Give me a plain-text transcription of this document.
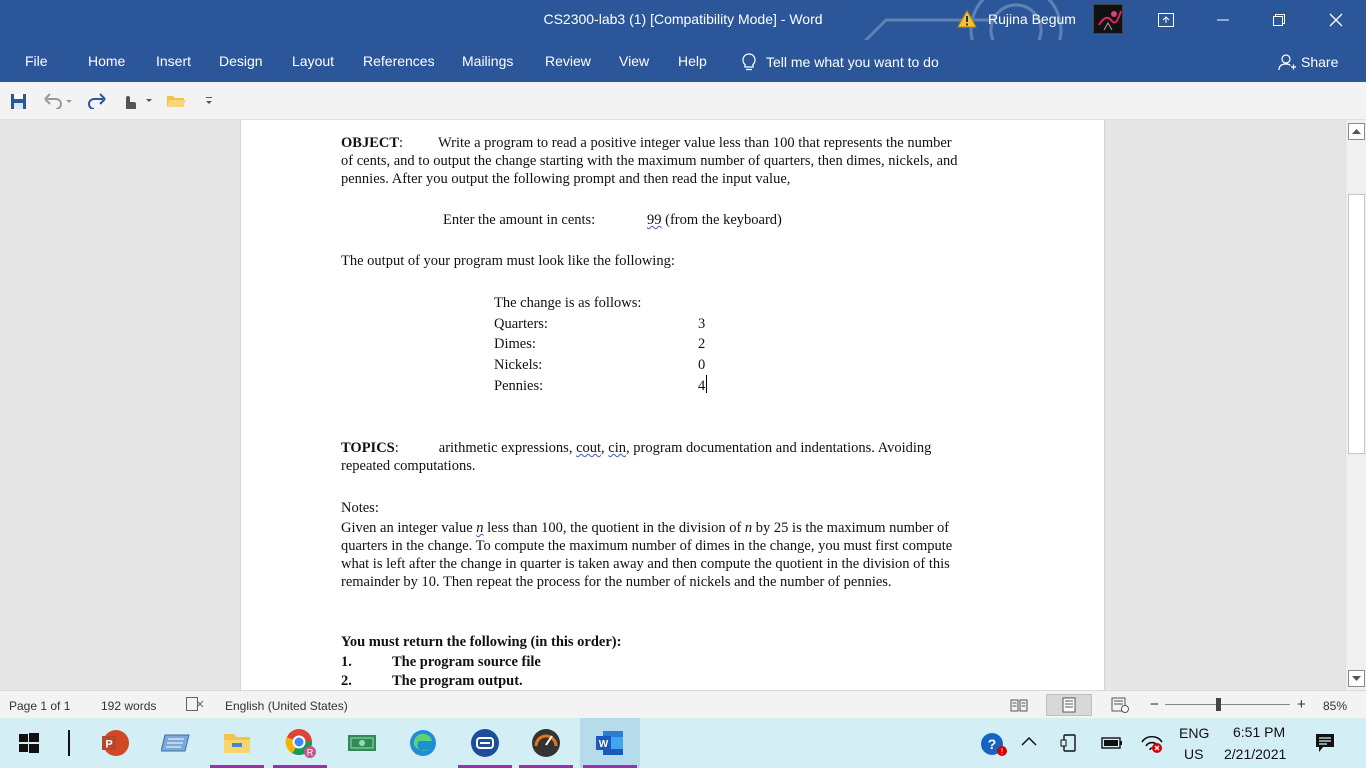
CS2300-lab3 (1) [Compatibility Mode] - Word	Rujina Begum
File	Home Insert Design Layout References Mailings Review View Help	Tell me what you want to do	Share
OBJECT: Write a program to read a positive integer value less than 100 that represents the number
of cents, and to output the change starting with the maximum number of quarters, then dimes, nickels, and
pennies. After you output the following prompt and then read the input value,
Enter the amount in cents:	99 (from the keyboard)
The output of your program must look like the following:
The change is as follows:
Quarters:	3
Dimes:	2
Nickels:	0
Pennies:	4
TOPICS:	arithmetic expressions, cout, cin, program documentation and indentations. Avoiding
repeated computations.
Notes:
Given an integer value n less than 100, the quotient in the division of n by 25 is the maximum number of
quarters in the change. To compute the maximum number of dimes in the change, you must first compute
what is left after the change in quarter is taken away and then compute the quotient in the division of this
remainder by 10. Then repeat the process for the number of nickels and the number of pennies.
You must return the following (in this order):
1.	The program source file
2.	The program output.
Page 1 of 1	192 words	English (United States)	−	+ 85%
P
R
W	? !
ENG
US
6:51 PM
2/21/2021
